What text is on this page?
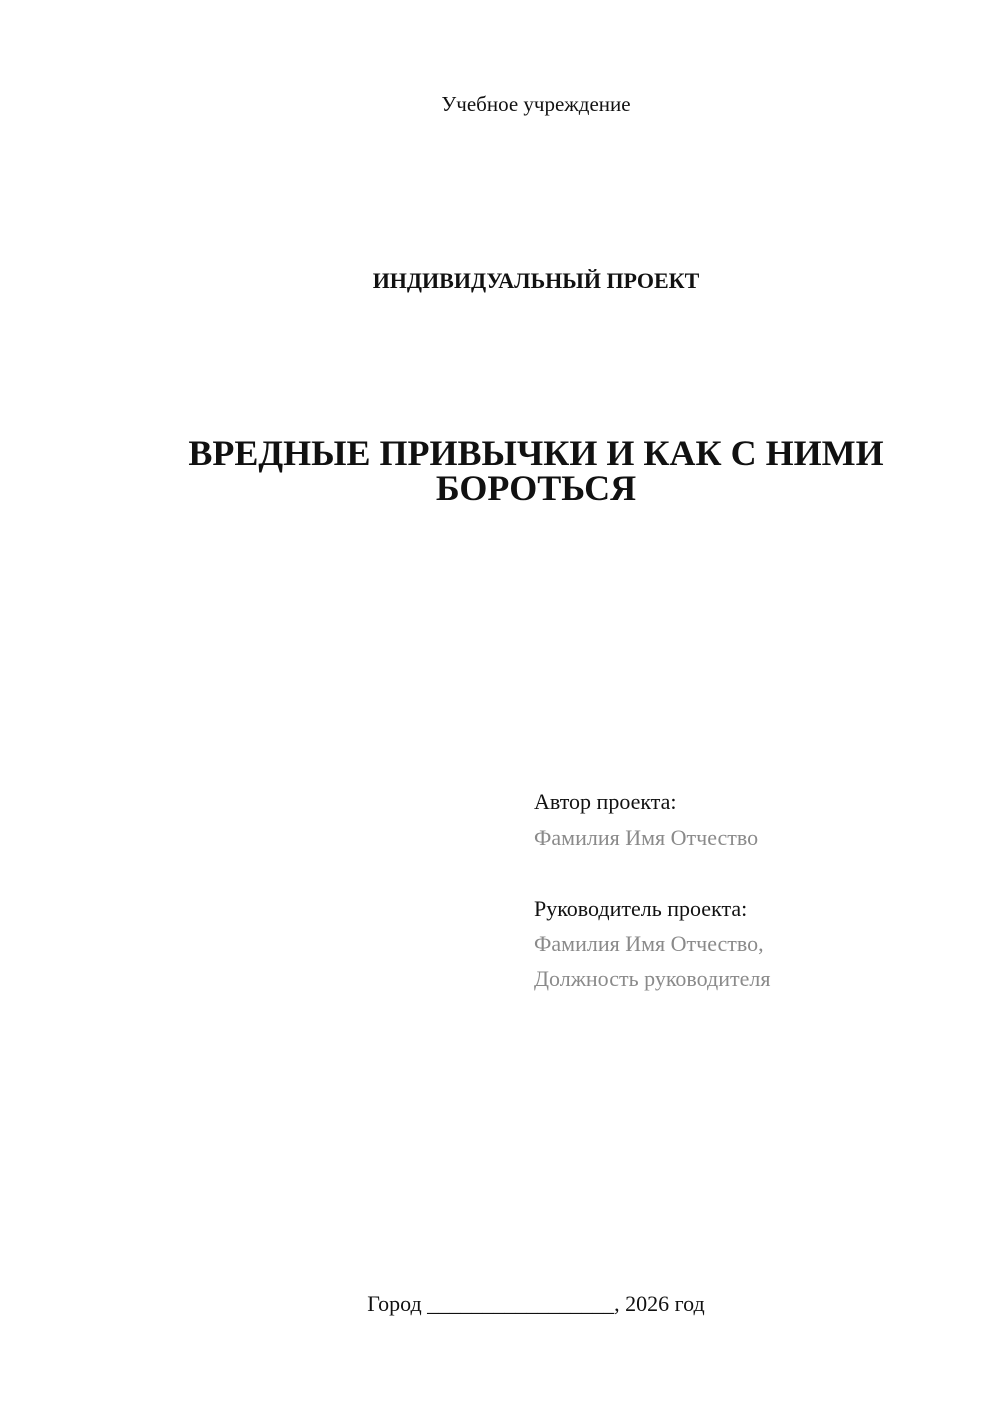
Учебное учреждение

ИНДИВИДУАЛЬНЫЙ ПРОЕКТ

ВРЕДНЫЕ ПРИВЫЧКИ И КАК С НИМИ
БОРОТЬСЯ

Автор проекта:

Фамилия Имя Отчество

Руководитель проекта:

Фамилия Имя Отчество,

Должность руководителя

Город _________________, 2026 год
